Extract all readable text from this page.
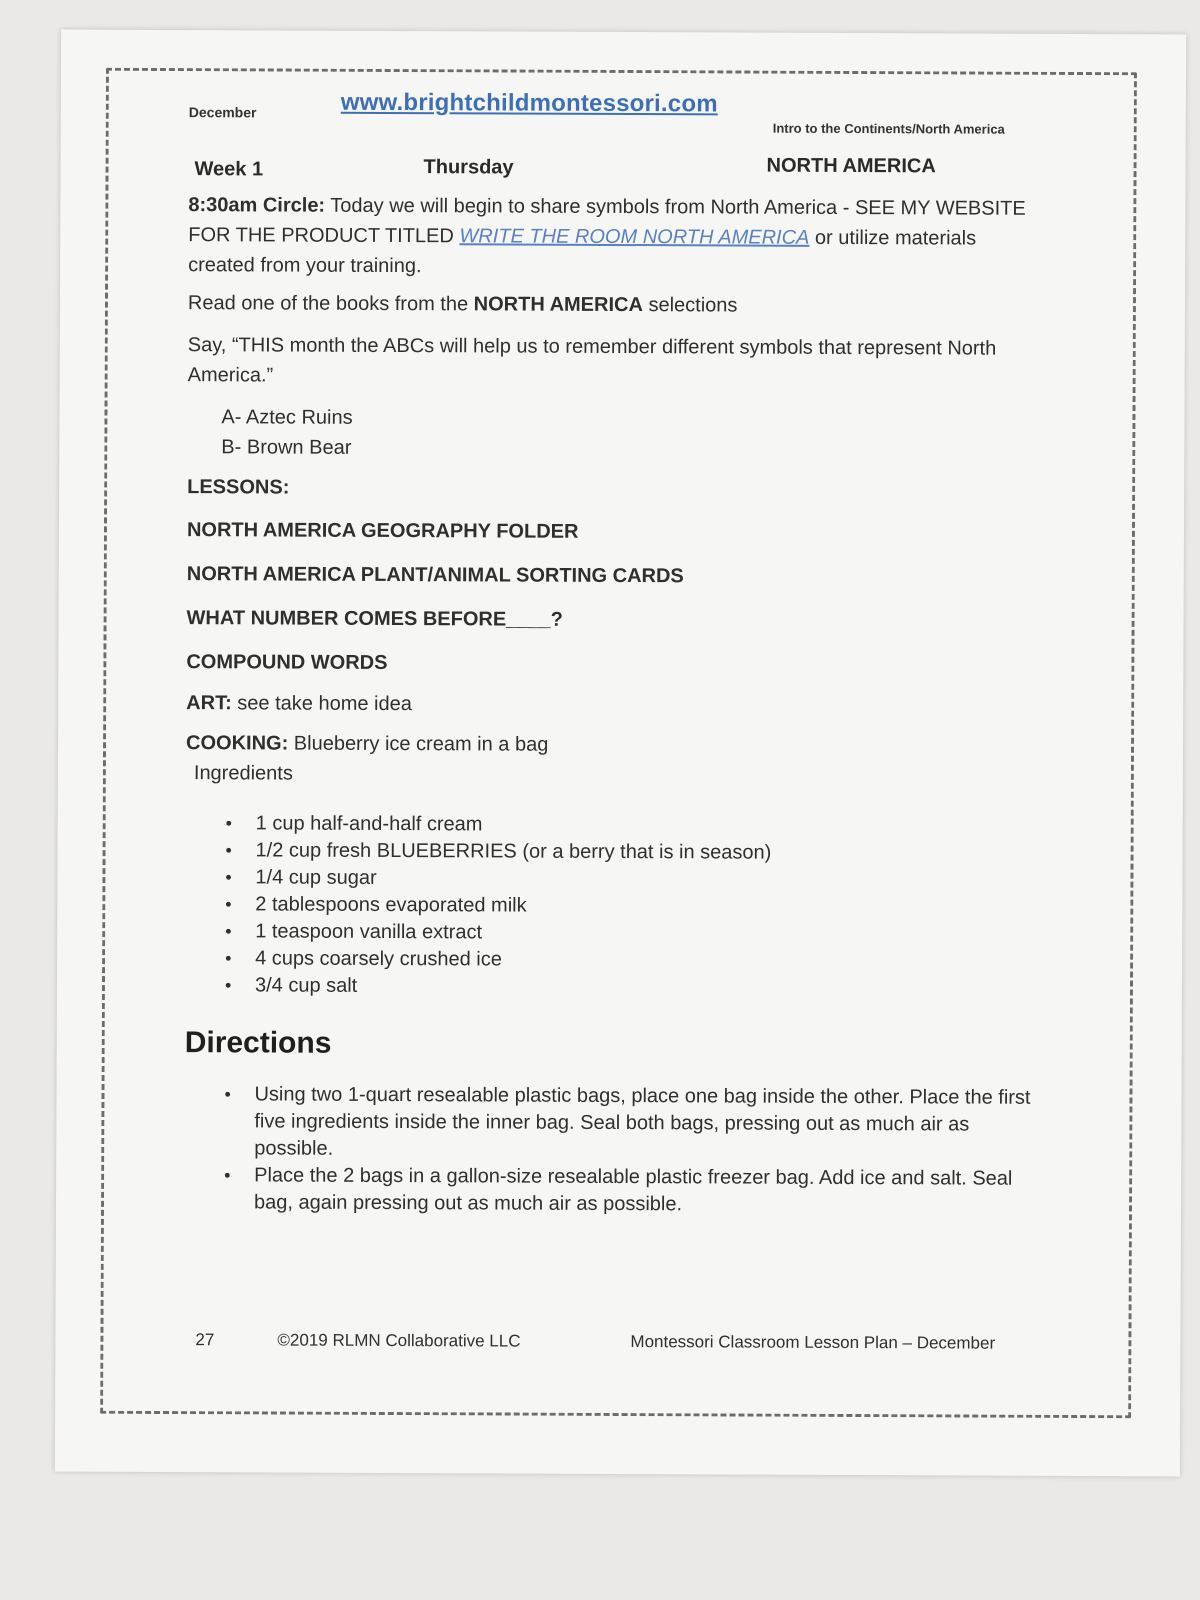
December	www.brightchildmontessori.com
Intro to the Continents/North America
Week 1	Thursday	NORTH AMERICA

8:30am Circle: Today we will begin to share symbols from North America - SEE MY WEBSITE FOR THE PRODUCT TITLED WRITE THE ROOM NORTH AMERICA or utilize materials created from your training.

Read one of the books from the NORTH AMERICA selections

Say, “THIS month the ABCs will help us to remember different symbols that represent North America.”

A- Aztec Ruins
B- Brown Bear

LESSONS:

NORTH AMERICA GEOGRAPHY FOLDER

NORTH AMERICA PLANT/ANIMAL SORTING CARDS

WHAT NUMBER COMES BEFORE____?

COMPOUND WORDS

ART: see take home idea

COOKING: Blueberry ice cream in a bag

Ingredients
• 1 cup half-and-half cream
• 1/2 cup fresh BLUEBERRIES (or a berry that is in season)
• 1/4 cup sugar
• 2 tablespoons evaporated milk
• 1 teaspoon vanilla extract
• 4 cups coarsely crushed ice
• 3/4 cup salt

Directions

• Using two 1-quart resealable plastic bags, place one bag inside the other. Place the first five ingredients inside the inner bag. Seal both bags, pressing out as much air as possible.
• Place the 2 bags in a gallon-size resealable plastic freezer bag. Add ice and salt. Seal bag, again pressing out as much air as possible.
27	©2019 RLMN Collaborative LLC	Montessori Classroom Lesson Plan – December
